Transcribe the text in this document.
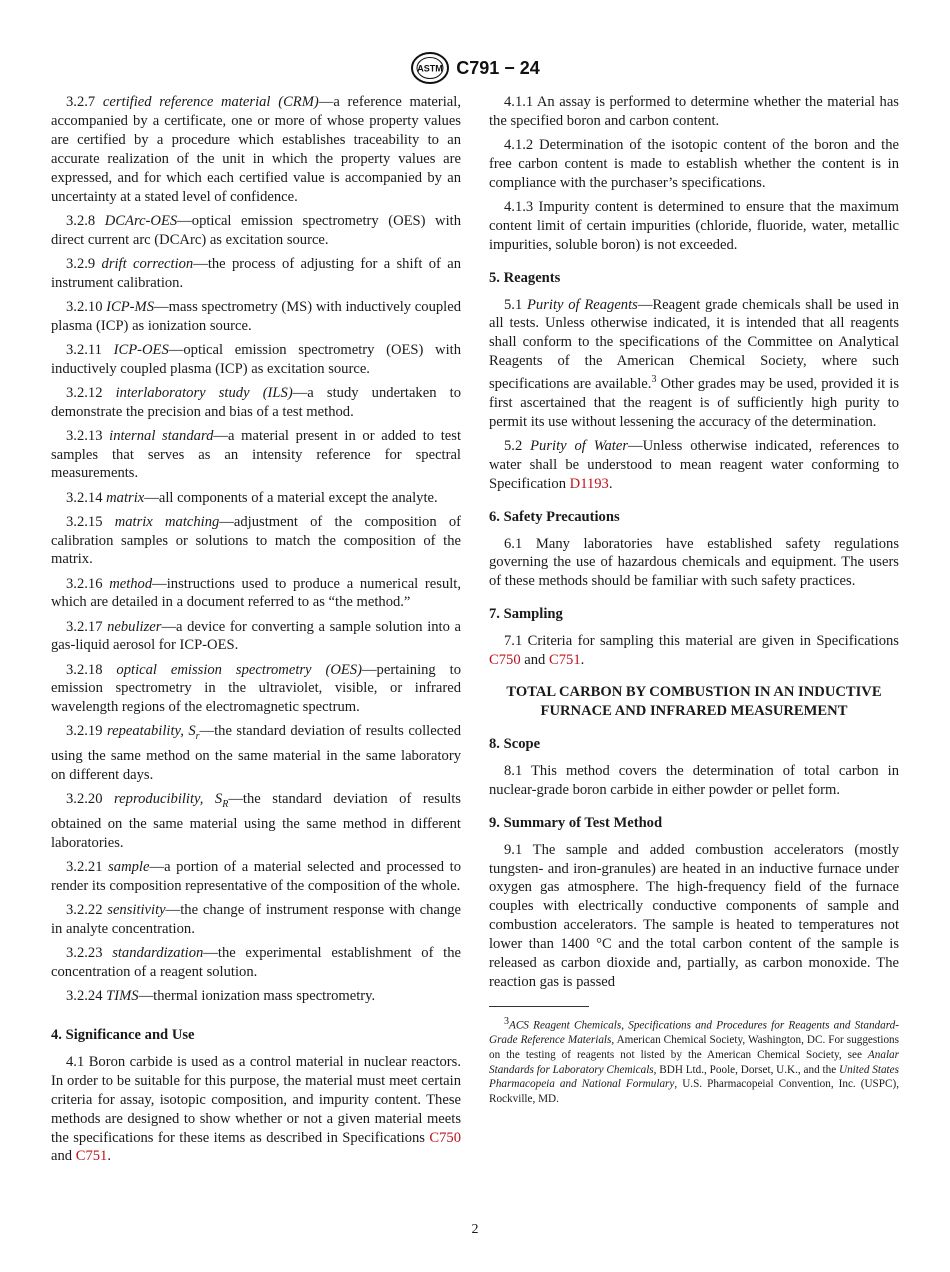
ASTM C791 − 24

3.2.7 certified reference material (CRM)—a reference material, accompanied by a certificate, one or more of whose property values are certified by a procedure which establishes traceability to an accurate realization of the unit in which the property values are expressed, and for which each certified value is accompanied by an uncertainty at a stated level of confidence.

3.2.8 DCArc-OES—optical emission spectrometry (OES) with direct current arc (DCArc) as excitation source.

3.2.9 drift correction—the process of adjusting for a shift of an instrument calibration.

3.2.10 ICP-MS—mass spectrometry (MS) with inductively coupled plasma (ICP) as ionization source.

3.2.11 ICP-OES—optical emission spectrometry (OES) with inductively coupled plasma (ICP) as excitation source.

3.2.12 interlaboratory study (ILS)—a study undertaken to demonstrate the precision and bias of a test method.

3.2.13 internal standard—a material present in or added to test samples that serves as an intensity reference for spectral measurements.

3.2.14 matrix—all components of a material except the analyte.

3.2.15 matrix matching—adjustment of the composition of calibration samples or solutions to match the composition of the matrix.

3.2.16 method—instructions used to produce a numerical result, which are detailed in a document referred to as “the method.”

3.2.17 nebulizer—a device for converting a sample solution into a gas-liquid aerosol for ICP-OES.

3.2.18 optical emission spectrometry (OES)—pertaining to emission spectrometry in the ultraviolet, visible, or infrared wavelength regions of the electromagnetic spectrum.

3.2.19 repeatability, $S_r—the$ standard deviation of results collected using the same method on the same material in the same laboratory on different days.

3.2.20 reproducibility, $S_R—the$ standard deviation of results obtained on the same material using the same method in different laboratories.

3.2.21 sample—a portion of a material selected and processed to render its composition representative of the composition of the whole.

3.2.22 sensitivity—the change of instrument response with change in analyte concentration.

3.2.23 standardization—the experimental establishment of the concentration of a reagent solution.

3.2.24 TIMS—thermal ionization mass spectrometry.

4. Significance and Use

4.1 Boron carbide is used as a control material in nuclear reactors. In order to be suitable for this purpose, the material must meet certain criteria for assay, isotopic composition, and impurity content. These methods are designed to show whether or not a given material meets the specifications for these items as described in Specifications C750 and C751.

4.1.1 An assay is performed to determine whether the material has the specified boron and carbon content.

4.1.2 Determination of the isotopic content of the boron and the free carbon content is made to establish whether the content is in compliance with the purchaser’s specifications.

4.1.3 Impurity content is determined to ensure that the maximum content limit of certain impurities (chloride, fluoride, water, metallic impurities, soluble boron) is not exceeded.

5. Reagents

5.1 Purity of Reagents—Reagent grade chemicals shall be used in all tests. Unless otherwise indicated, it is intended that all reagents shall conform to the specifications of the Committee on Analytical Reagents of the American Chemical Society, where such specifications are available.$^3$ Other grades may be used, provided it is first ascertained that the reagent is of sufficiently high purity to permit its use without lessening the accuracy of the determination.

5.2 Purity of Water—Unless otherwise indicated, references to water shall be understood to mean reagent water conforming to Specification D1193.

6. Safety Precautions

6.1 Many laboratories have established safety regulations governing the use of hazardous chemicals and equipment. The users of these methods should be familiar with such safety practices.

7. Sampling

7.1 Criteria for sampling this material are given in Specifications C750 and C751.

TOTAL CARBON BY COMBUSTION IN AN INDUCTIVE FURNACE AND INFRARED MEASUREMENT
8. Scope

8.1 This method covers the determination of total carbon in nuclear-grade boron carbide in either powder or pellet form.

9. Summary of Test Method

9.1 The sample and added combustion accelerators (mostly tungsten- and iron-granules) are heated in an inductive furnace under oxygen gas atmosphere. The high-frequency field of the furnace couples with electrically conductive components of sample and combustion accelerators. The sample is heated to temperatures not lower than 1400 °C and the total carbon content of the sample is released as carbon dioxide and, partially, as carbon monoxide. The reaction gas is passed

$^3$ACS Reagent Chemicals, Specifications and Procedures for Reagents and Standard-Grade Reference Materials, American Chemical Society, Washington, DC. For suggestions on the testing of reagents not listed by the American Chemical Society, see Analar Standards for Laboratory Chemicals, BDH Ltd., Poole, Dorset, U.K., and the United States Pharmacopeia and National Formulary, U.S. Pharmacopeial Convention, Inc. (USPC), Rockville, MD.
2
